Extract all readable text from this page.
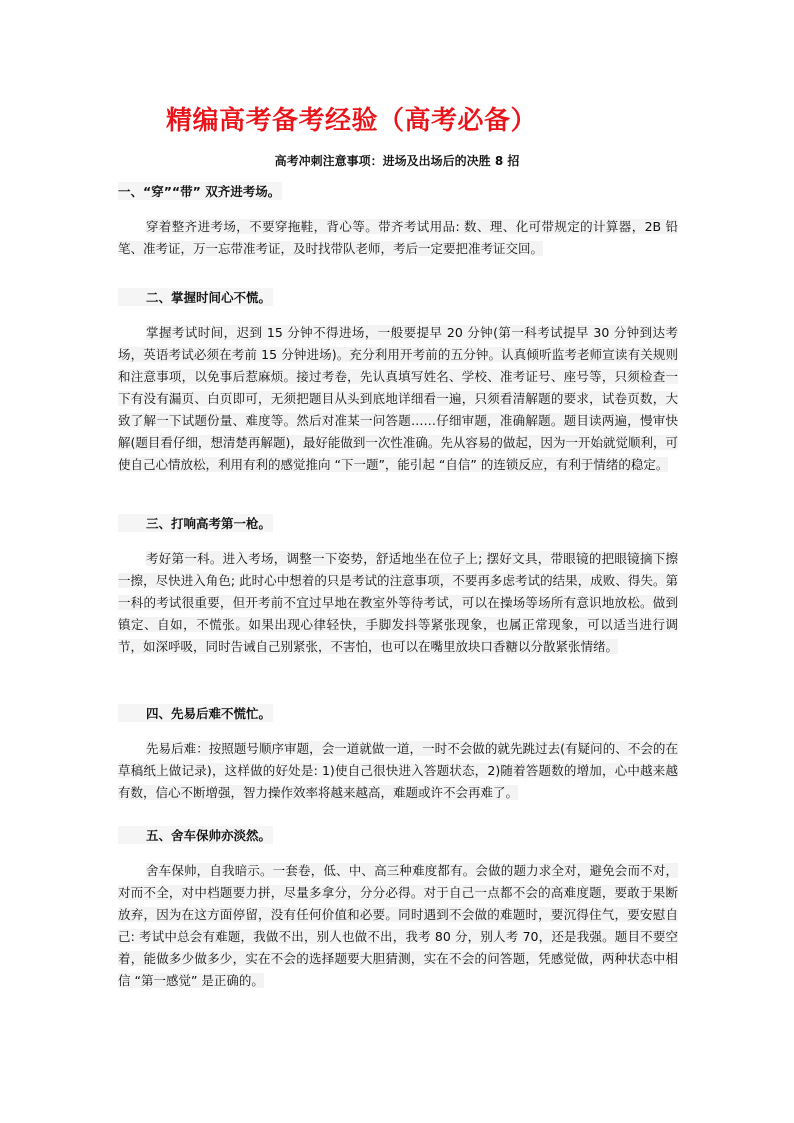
精编高考备考经验（高考必备）
高考冲刺注意事项：进场及出场后的决胜 8 招
一、“穿”“带” 双齐进考场。
穿着整齐进考场，不要穿拖鞋，背心等。带齐考试用品: 数、理、化可带规定的计算器，2B 铅笔、准考证，万一忘带准考证，及时找带队老师，考后一定要把准考证交回。
二、掌握时间心不慌。
掌握考试时间，迟到 15 分钟不得进场，一般要提早 20 分钟(第一科考试提早 30 分钟到达考场，英语考试必须在考前 15 分钟进场)。充分利用开考前的五分钟。认真倾听监考老师宣读有关规则和注意事项，以免事后惹麻烦。接过考卷，先认真填写姓名、学校、准考证号、座号等，只须检查一下有没有漏页、白页即可，无须把题目从头到底地详细看一遍，只须看清解题的要求，试卷页数，大致了解一下试题份量、难度等。然后对准某一问答题……仔细审题，准确解题。题目读两遍，慢审快解(题目看仔细，想清楚再解题)，最好能做到一次性准确。先从容易的做起，因为一开始就觉顺利，可使自己心情放松，利用有利的感觉推向 “下一题”，能引起 “自信” 的连锁反应，有利于情绪的稳定。
三、打响高考第一枪。
考好第一科。进入考场，调整一下姿势，舒适地坐在位子上; 摆好文具，带眼镜的把眼镜摘下擦一擦，尽快进入角色; 此时心中想着的只是考试的注意事项，不要再多虑考试的结果，成败、得失。第一科的考试很重要，但开考前不宜过早地在教室外等待考试，可以在操场等场所有意识地放松。做到镇定、自如，不慌张。如果出现心律轻快，手脚发抖等紧张现象，也属正常现象，可以适当进行调节，如深呼吸，同时告诫自己别紧张，不害怕，也可以在嘴里放块口香糖以分散紧张情绪。
四、先易后难不慌忙。
先易后难：按照题号顺序审题，会一道就做一道，一时不会做的就先跳过去(有疑问的、不会的在草稿纸上做记录)，这样做的好处是: 1)使自己很快进入答题状态，2)随着答题数的增加，心中越来越有数，信心不断增强，智力操作效率将越来越高，难题或许不会再难了。
五、舍车保帅亦淡然。
舍车保帅，自我暗示。一套卷，低、中、高三种难度都有。会做的题力求全对，避免会而不对，对而不全，对中档题要力拼，尽量多拿分，分分必得。对于自己一点都不会的高难度题，要敢于果断放弃，因为在这方面停留，没有任何价值和必要。同时遇到不会做的难题时，要沉得住气，要安慰自己: 考试中总会有难题，我做不出，别人也做不出，我考 80 分，别人考 70，还是我强。题目不要空着，能做多少做多少，实在不会的选择题要大胆猜测，实在不会的问答题，凭感觉做，两种状态中相信 “第一感觉” 是正确的。
